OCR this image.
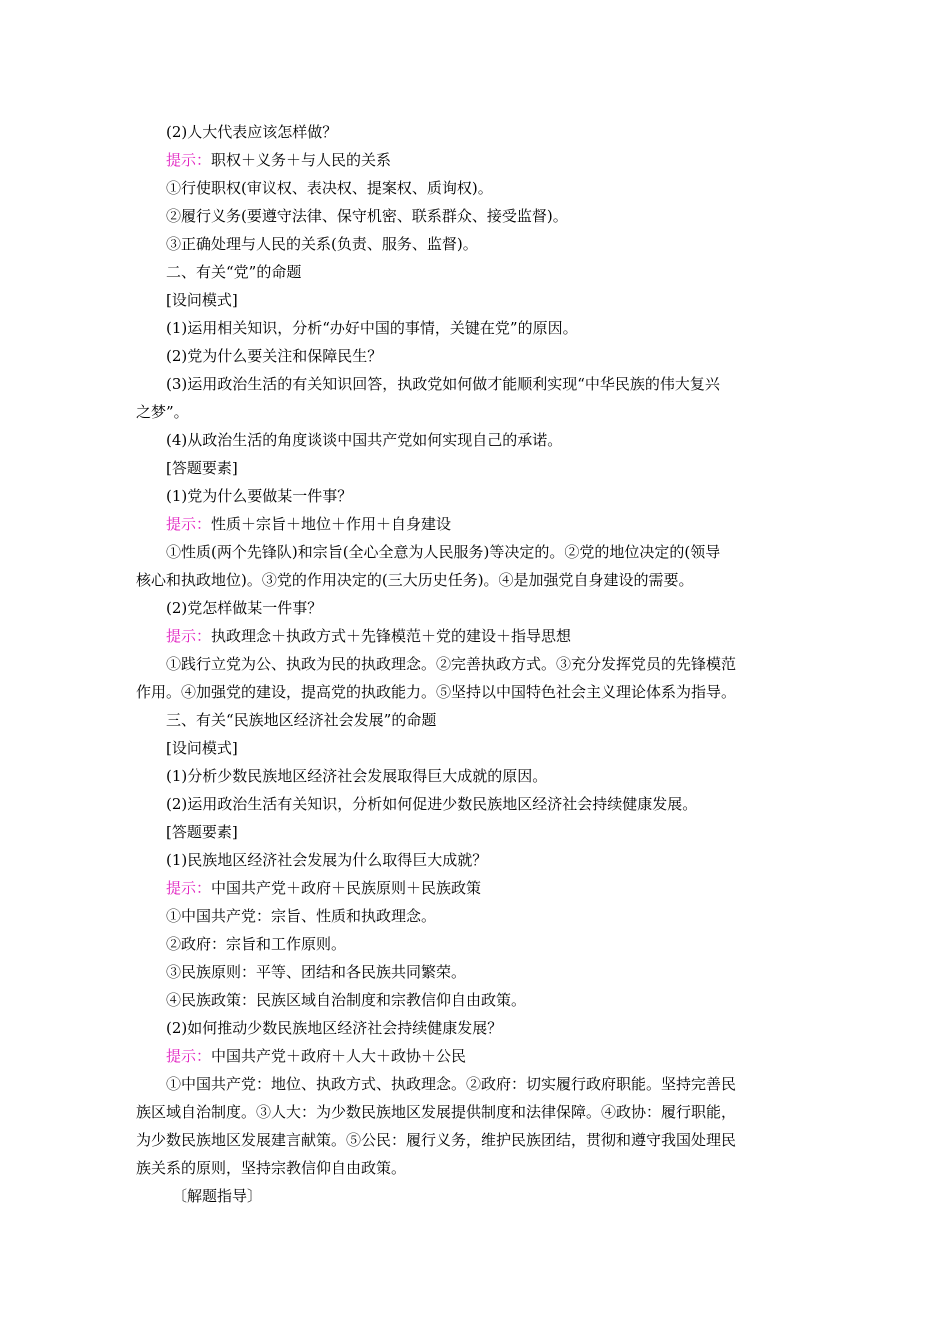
(2)人大代表应该怎样做？

提示：职权＋义务＋与人民的关系

①行使职权(审议权、表决权、提案权、质询权)。

②履行义务(要遵守法律、保守机密、联系群众、接受监督)。

③正确处理与人民的关系(负责、服务、监督)。

二、有关“党”的命题

[设问模式]

(1)运用相关知识，分析“办好中国的事情，关键在党”的原因。

(2)党为什么要关注和保障民生？

(3)运用政治生活的有关知识回答，执政党如何做才能顺利实现“中华民族的伟大复兴

之梦”。

(4)从政治生活的角度谈谈中国共产党如何实现自己的承诺。

[答题要素]

(1)党为什么要做某一件事？

提示：性质＋宗旨＋地位＋作用＋自身建设

①性质(两个先锋队)和宗旨(全心全意为人民服务)等决定的。②党的地位决定的(领导

核心和执政地位)。③党的作用决定的(三大历史任务)。④是加强党自身建设的需要。

(2)党怎样做某一件事？

提示：执政理念＋执政方式＋先锋模范＋党的建设＋指导思想

①践行立党为公、执政为民的执政理念。②完善执政方式。③充分发挥党员的先锋模范

作用。④加强党的建设，提高党的执政能力。⑤坚持以中国特色社会主义理论体系为指导。

三、有关“民族地区经济社会发展”的命题

[设问模式]

(1)分析少数民族地区经济社会发展取得巨大成就的原因。

(2)运用政治生活有关知识，分析如何促进少数民族地区经济社会持续健康发展。

[答题要素]

(1)民族地区经济社会发展为什么取得巨大成就？

提示：中国共产党＋政府＋民族原则＋民族政策

①中国共产党：宗旨、性质和执政理念。

②政府：宗旨和工作原则。

③民族原则：平等、团结和各民族共同繁荣。

④民族政策：民族区域自治制度和宗教信仰自由政策。

(2)如何推动少数民族地区经济社会持续健康发展？

提示：中国共产党＋政府＋人大＋政协＋公民

①中国共产党：地位、执政方式、执政理念。②政府：切实履行政府职能。坚持完善民

族区域自治制度。③人大：为少数民族地区发展提供制度和法律保障。④政协：履行职能，

为少数民族地区发展建言献策。⑤公民：履行义务，维护民族团结，贯彻和遵守我国处理民

族关系的原则，坚持宗教信仰自由政策。

〔解题指导〕
